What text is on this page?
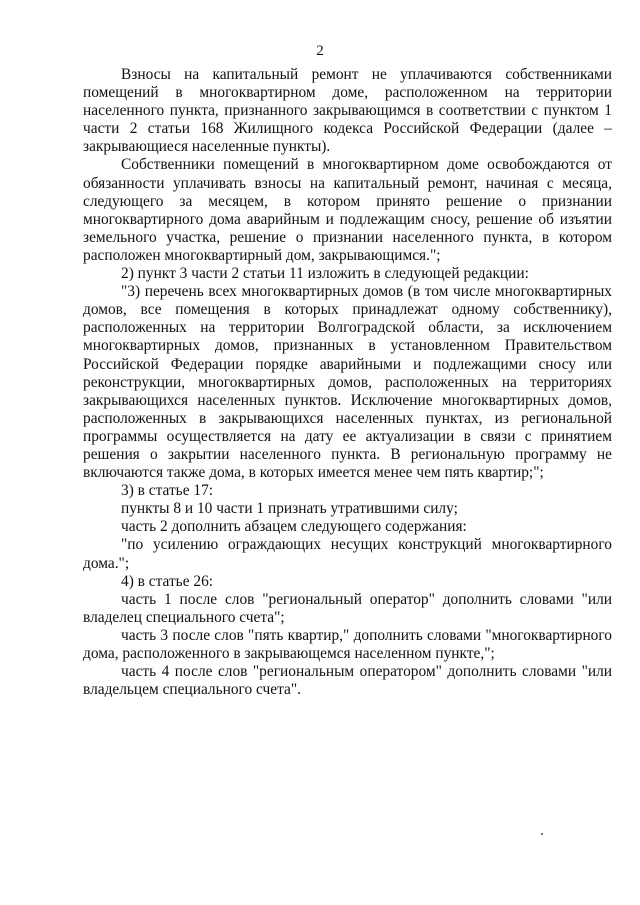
2

Взносы на капитальный ремонт не уплачиваются собственниками помещений в многоквартирном доме, расположенном на территории населенного пункта, признанного закрывающимся в соответствии с пунктом 1 части 2 статьи 168 Жилищного кодекса Российской Федерации (далее – закрывающиеся населенные пункты).

Собственники помещений в многоквартирном доме освобождаются от обязанности уплачивать взносы на капитальный ремонт, начиная с месяца, следующего за месяцем, в котором принято решение о признании многоквартирного дома аварийным и подлежащим сносу, решение об изъятии земельного участка, решение о признании населенного пункта, в котором расположен многоквартирный дом, закрывающимся.";

2) пункт 3 части 2 статьи 11 изложить в следующей редакции:

"3) перечень всех многоквартирных домов (в том числе многоквартирных домов, все помещения в которых принадлежат одному собственнику), расположенных на территории Волгоградской области, за исключением многоквартирных домов, признанных в установленном Правительством Российской Федерации порядке аварийными и подлежащими сносу или реконструкции, многоквартирных домов, расположенных на территориях закрывающихся населенных пунктов. Исключение многоквартирных домов, расположенных в закрывающихся населенных пунктах, из региональной программы осуществляется на дату ее актуализации в связи с принятием решения о закрытии населенного пункта. В региональную программу не включаются также дома, в которых имеется менее чем пять квартир;";

3) в статье 17:

пункты 8 и 10 части 1 признать утратившими силу;

часть 2 дополнить абзацем следующего содержания:

"по усилению ограждающих несущих конструкций многоквартирного дома.";

4) в статье 26:

часть 1 после слов "региональный оператор" дополнить словами "или владелец специального счета";

часть 3 после слов "пять квартир," дополнить словами "многоквартирного дома, расположенного в закрывающемся населенном пункте,";

часть 4 после слов "региональным оператором" дополнить словами "или владельцем специального счета".
